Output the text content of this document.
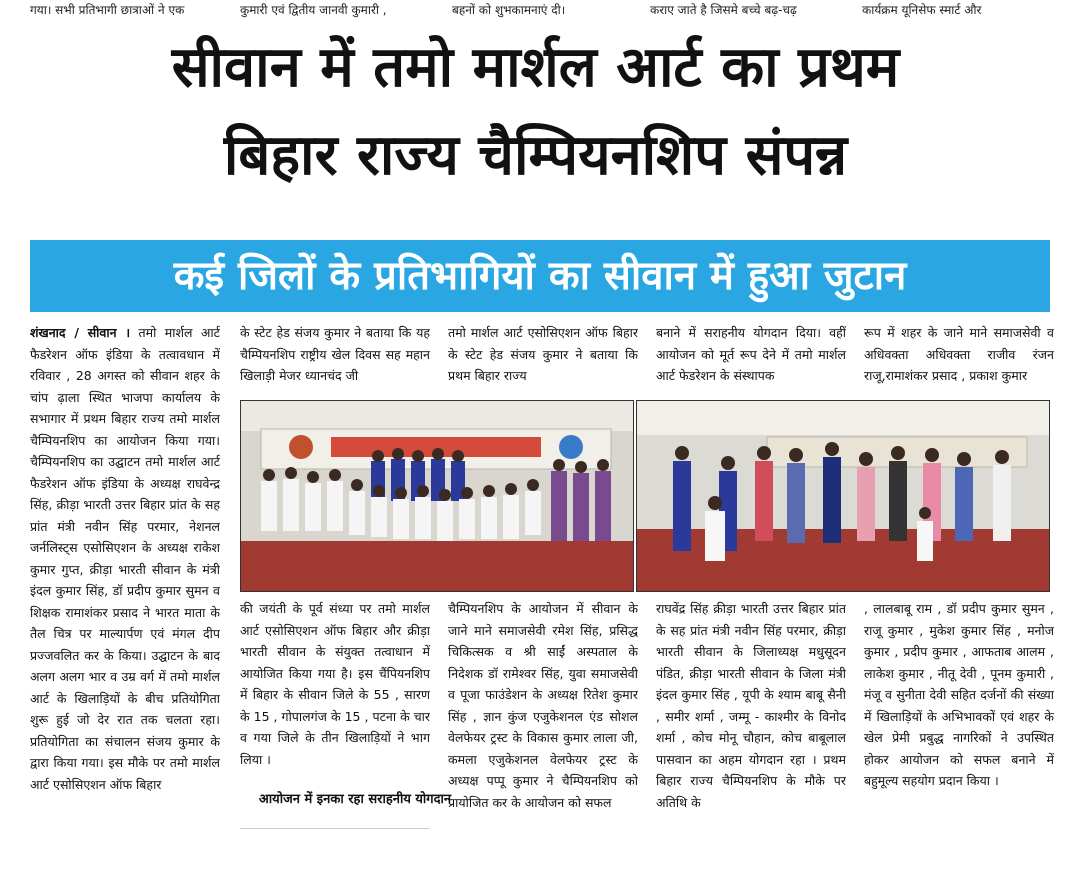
गया। सभी प्रतिभागी छात्राओं ने एक	कुमारी एवं द्वितीय जानवी कुमारी ,	बहनों को शुभकामनाएं दी।	कराए जाते है जिसमे बच्चे बढ़-चढ़	कार्यक्रम यूनिसेफ स्मार्ट और
सीवान में तमो मार्शल आर्ट का प्रथम
बिहार राज्य चैम्पियनशिप संपन्न
कई जिलों के प्रतिभागियों का सीवान में हुआ जुटान
शंखनाद / सीवान । तमो मार्शल आर्ट फैडरेशन ऑफ इंडिया के तत्वावधान में रविवार , 28 अगस्त को सीवान शहर के चांप ढ़ाला स्थित भाजपा कार्यालय के सभागार में प्रथम बिहार राज्य तमो मार्शल चैम्पियनशिप का आयोजन किया गया। चैम्पियनशिप का उद्घाटन तमो मार्शल आर्ट फैडरेशन ऑफ इंडिया के अध्यक्ष राघवेन्द्र सिंह, क्रीड़ा भारती उत्तर बिहार प्रांत के सह प्रांत मंत्री नवीन सिंह परमार, नेशनल जर्नलिस्ट्स एसोसिएशन के अध्यक्ष राकेश कुमार गुप्त, क्रीड़ा भारती सीवान के मंत्री इंदल कुमार सिंह, डॉ प्रदीप कुमार सुमन व शिक्षक रामाशंकर प्रसाद ने भारत माता के तैल चित्र पर माल्यार्पण एवं मंगल दीप प्रज्जवलित कर के किया। उद्घाटन के बाद अलग अलग भार व उम्र वर्ग में तमो मार्शल आर्ट के खिलाड़ियों के बीच प्रतियोगिता शुरू हुई जो देर रात तक चलता रहा। प्रतियोगिता का संचालन संजय कुमार के द्वारा किया गया। इस मौके पर तमो मार्शल आर्ट एसोसिएशन ऑफ बिहार
के स्टेट हेड संजय कुमार ने बताया कि यह चैम्पियनशिप राष्ट्रीय खेल दिवस सह महान खिलाड़ी मेजर ध्यानचंद जी
तमो मार्शल आर्ट एसोसिएशन ऑफ बिहार के स्टेट हेड संजय कुमार ने बताया कि प्रथम बिहार राज्य
बनाने में सराहनीय योगदान दिया। वहीं आयोजन को मूर्त रूप देने में तमो मार्शल आर्ट फेडरेशन के संस्थापक
रूप में शहर के जाने माने समाजसेवी व अधिवक्ता अधिवक्ता राजीव रंजन राजू,रामाशंकर प्रसाद , प्रकाश कुमार
की जयंती के पूर्व संध्या पर तमो मार्शल आर्ट एसोसिएशन ऑफ बिहार और क्रीड़ा भारती सीवान के संयुक्त तत्वाधान में आयोजित किया गया है। इस चैंपियनशिप में बिहार के सीवान जिले के 55 , सारण के 15 , गोपालगंज के 15 , पटना के चार व गया जिले के तीन खिलाड़ियों ने भाग लिया ।
आयोजन में इनका रहा सराहनीय योगदान
चैम्पियनशिप के आयोजन में सीवान के जाने माने समाजसेवी रमेश सिंह, प्रसिद्ध चिकित्सक व श्री साईं अस्पताल के निदेशक डॉ रामेश्वर सिंह, युवा समाजसेवी व पूजा फाउंडेशन के अध्यक्ष रितेश कुमार सिंह , ज्ञान कुंज एजुकेशनल एंड सोशल वेलफेयर ट्रस्ट के विकास कुमार लाला जी, कमला एजुकेशनल वेलफेयर ट्रस्ट के अध्यक्ष पप्पू कुमार ने चैम्पियनशिप को प्रायोजित कर के आयोजन को सफल
राघवेंद्र सिंह क्रीड़ा भारती उत्तर बिहार प्रांत के सह प्रांत मंत्री नवीन सिंह परमार, क्रीड़ा भारती सीवान के जिलाध्यक्ष मधुसूदन पंडित, क्रीड़ा भारती सीवान के जिला मंत्री इंदल कुमार सिंह , यूपी के श्याम बाबू सैनी , समीर शर्मा , जम्मू - काश्मीर के विनोद शर्मा , कोच मोनू चौहान, कोच बाबूलाल पासवान का अहम योगदान रहा । प्रथम बिहार राज्य चैम्पियनशिप के मौके पर अतिथि के
, लालबाबू राम , डॉ प्रदीप कुमार सुमन , राजू कुमार , मुकेश कुमार सिंह , मनोज कुमार , प्रदीप कुमार , आफताब आलम , लाकेश कुमार , नीतू देवी , पूनम कुमारी , मंजू व सुनीता देवी सहित दर्जनों की संख्या में खिलाड़ियों के अभिभावकों एवं शहर के खेल प्रेमी प्रबुद्ध नागरिकों ने उपस्थित होकर आयोजन को सफल बनाने में बहुमूल्य सहयोग प्रदान किया ।
